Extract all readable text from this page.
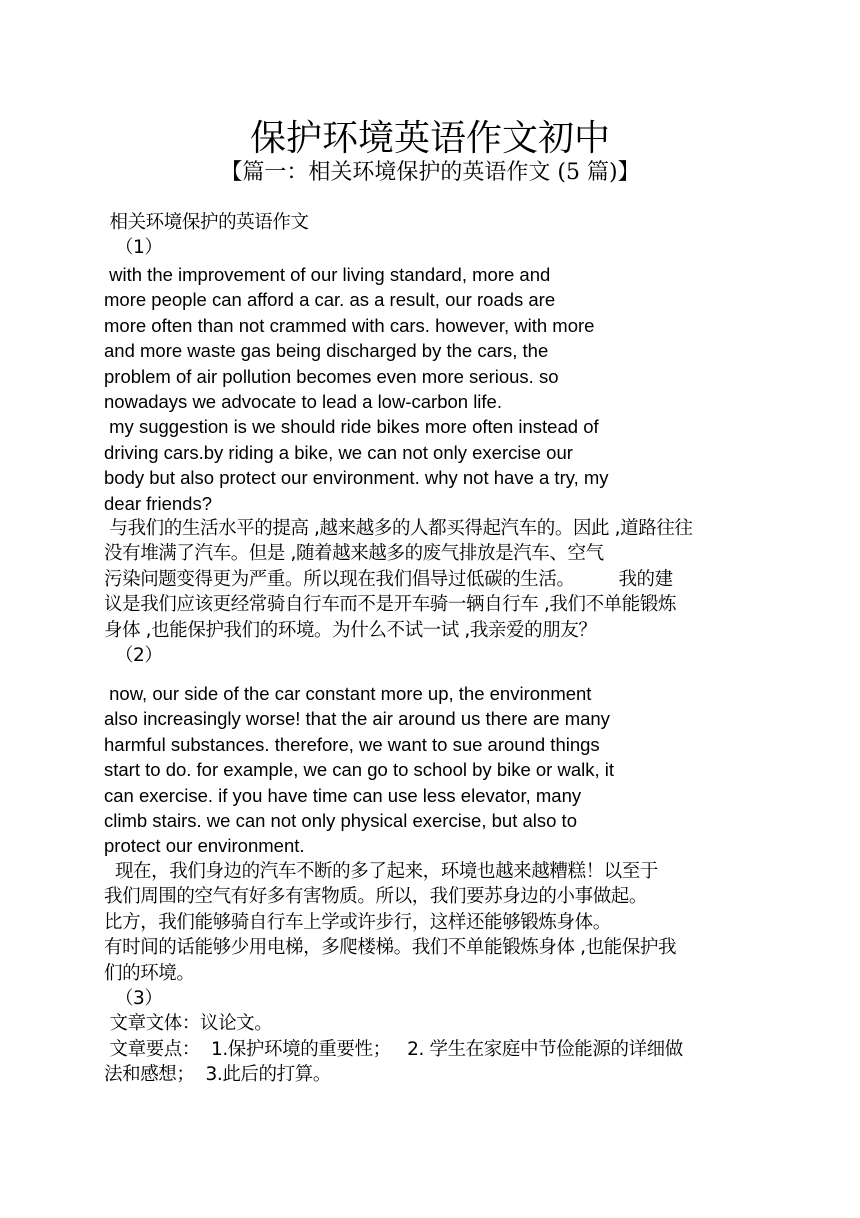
保护环境英语作文初中
【篇一：相关环境保护的英语作文 (5 篇)】

相关环境保护的英语作文
（1）

with the improvement of our living standard, more and
more people can afford a car. as a result, our roads are
more often than not crammed with cars. however, with more
and more waste gas being discharged by the cars, the
problem of air pollution becomes even more serious. so
nowadays we advocate to lead a low-carbon life.
my suggestion is we should ride bikes more often instead of
driving cars.by riding a bike, we can not only exercise our
body but also protect our environment. why not have a try, my
dear friends?

与我们的生活水平的提高 ,越来越多的人都买得起汽车的。因此 ,道路往往
没有堆满了汽车。但是 ,随着越来越多的废气排放是汽车、空气
污染问题变得更为严重。所以现在我们倡导过低碳的生活。        我的建
议是我们应该更经常骑自行车而不是开车骑一辆自行车 ,我们不单能锻炼
身体 ,也能保护我们的环境。为什么不试一试 ,我亲爱的朋友？
（2）

now, our side of the car constant more up, the environment
also increasingly worse! that the air around us there are many
harmful substances. therefore, we want to sue around things
start to do. for example, we can go to school by bike or walk, it
can exercise. if you have time can use less elevator, many
climb stairs. we can not only physical exercise, but also to
protect our environment.

现在，我们身边的汽车不断的多了起来，环境也越来越糟糕！以至于
我们周围的空气有好多有害物质。所以，我们要苏身边的小事做起。
比方，我们能够骑自行车上学或许步行，这样还能够锻炼身体。
有时间的话能够少用电梯，多爬楼梯。我们不单能锻炼身体 ,也能保护我
们的环境。
（3）
文章文体：议论文。
文章要点：  1.保护环境的重要性；   2. 学生在家庭中节俭能源的详细做
法和感想；  3.此后的打算。
